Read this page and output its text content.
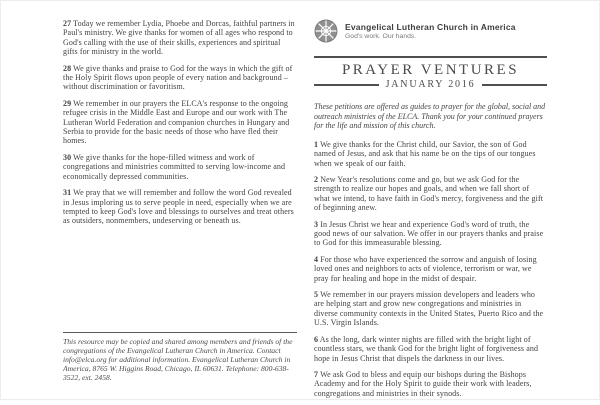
27 Today we remember Lydia, Phoebe and Dorcas, faithful partners in Paul's ministry. We give thanks for women of all ages who respond to God's calling with the use of their skills, experiences and spiritual gifts for ministry in the world.

28 We give thanks and praise to God for the ways in which the gift of the Holy Spirit flows upon people of every nation and background – without discrimination or favoritism.

29 We remember in our prayers the ELCA's response to the ongoing refugee crisis in the Middle East and Europe and our work with The Lutheran World Federation and companion churches in Hungary and Serbia to provide for the basic needs of those who have fled their homes.

30 We give thanks for the hope-filled witness and work of congregations and ministries committed to serving low-income and economically depressed communities.

31 We pray that we will remember and follow the word God revealed in Jesus imploring us to serve people in need, especially when we are tempted to keep God's love and blessings to ourselves and treat others as outsiders, nonmembers, undeserving or beneath us.

This resource may be copied and shared among members and friends of the congregations of the Evangelical Lutheran Church in America. Contact info@elca.org for additional information. Evangelical Lutheran Church in America, 8765 W. Higgins Road, Chicago, IL 60631. Telephone: 800-638-3522, ext. 2458.
Evangelical Lutheran Church in America
God's work. Our hands.
PRAYER VENTURES
JANUARY 2016

These petitions are offered as guides to prayer for the global, social and outreach ministries of the ELCA. Thank you for your continued prayers for the life and mission of this church.

1 We give thanks for the Christ child, our Savior, the son of God named of Jesus, and ask that his name be on the tips of our tongues when we speak of our faith.

2 New Year's resolutions come and go, but we ask God for the strength to realize our hopes and goals, and when we fall short of what we intend, to have faith in God's mercy, forgiveness and the gift of beginning anew.

3 In Jesus Christ we hear and experience God's word of truth, the good news of our salvation. We offer in our prayers thanks and praise to God for this immeasurable blessing.

4 For those who have experienced the sorrow and anguish of losing loved ones and neighbors to acts of violence, terrorism or war, we pray for healing and hope in the midst of despair.

5 We remember in our prayers mission developers and leaders who are helping start and grow new congregations and ministries in diverse community contexts in the United States, Puerto Rico and the U.S. Virgin Islands.

6 As the long, dark winter nights are filled with the bright light of countless stars, we thank God for the bright light of forgiveness and hope in Jesus Christ that dispels the darkness in our lives.

7 We ask God to bless and equip our bishops during the Bishops Academy and for the Holy Spirit to guide their work with leaders, congregations and ministries in their synods.
